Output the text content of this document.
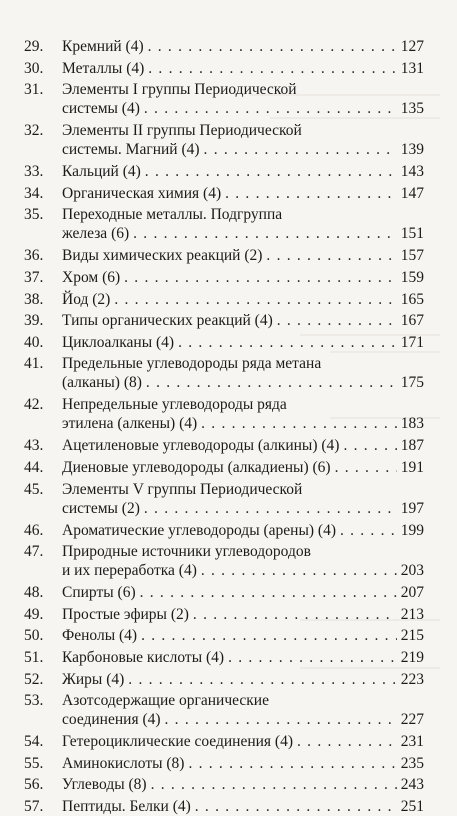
29.	Кремний (4) . . .	127
30.	Металлы (4) . . .	131
31.	Элементы I группы Периодической
системы (4) . . .	135
32.	Элементы II группы Периодической
системы. Магний (4) . . .	139
33.	Кальций (4) . . .	143
34.	Органическая химия (4) . . .	147
35.	Переходные металлы. Подгруппа
железа (6) . . .	151
36.	Виды химических реакций (2) . . .	157
37.	Хром (6) . . .	159
38.	Йод (2) . . .	165
39.	Типы органических реакций (4) . . .	167
40.	Циклоалканы (4) . . .	171
41.	Предельные углеводороды ряда метана
(алканы) (8) . . .	175
42.	Непредельные углеводороды ряда
этилена (алкены) (4) . . .	183
43.	Ацетиленовые углеводороды (алкины) (4) . . .	187
44.	Диеновые углеводороды (алкадиены) (6) . . .	191
45.	Элементы V группы Периодической
системы (2) . . .	197
46.	Ароматические углеводороды (арены) (4) . . .	199
47.	Природные источники углеводородов
и их переработка (4) . . .	203
48.	Спирты (6) . . .	207
49.	Простые эфиры (2) . . .	213
50.	Фенолы (4) . . .	215
51.	Карбоновые кислоты (4) . . .	219
52.	Жиры (4) . . .	223
53.	Азотсодержащие органические
соединения (4) . . .	227
54.	Гетероциклические соединения (4) . . .	231
55.	Аминокислоты (8) . . .	235
56.	Углеводы (8) . . .	243
57.	Пептиды. Белки (4) . . .	251
